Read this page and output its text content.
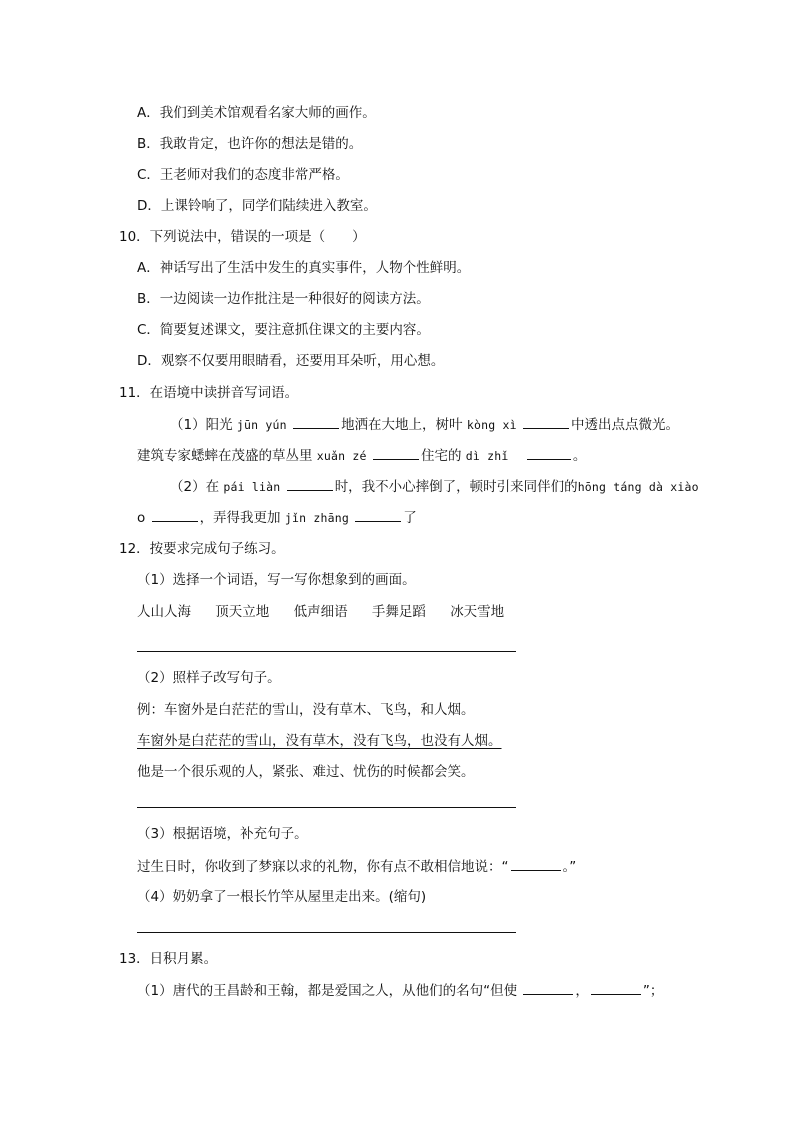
A．我们到美术馆观看名家大师的画作。
B．我敢肯定，也许你的想法是错的。
C．王老师对我们的态度非常严格。
D．上课铃响了，同学们陆续进入教室。
10．下列说法中，错误的一项是（　　）
A．神话写出了生活中发生的真实事件，人物个性鲜明。
B．一边阅读一边作批注是一种很好的阅读方法。
C．简要复述课文，要注意抓住课文的主要内容。
D．观察不仅要用眼睛看，还要用耳朵听，用心想。
11．在语境中读拼音写词语。
（1）阳光 jūn yún	地洒在大地上，树叶 kòng xì	中透出点点微光。
建筑专家蟋蟀在茂盛的草丛里 xuǎn zé	住宅的 dì zhǐ	。
（2）在 pái liàn	时，我不小心摔倒了，顿时引来同伴们的hōng táng dà xiào
o	，弄得我更加 jǐn zhāng	了
12．按要求完成句子练习。
（1）选择一个词语，写一写你想象到的画面。
人山人海 顶天立地 低声细语 手舞足蹈 冰天雪地
（2）照样子改写句子。
例：车窗外是白茫茫的雪山，没有草木、飞鸟，和人烟。
车窗外是白茫茫的雪山，没有草木，没有飞鸟，也没有人烟。
他是一个很乐观的人，紧张、难过、忧伤的时候都会笑。
（3）根据语境，补充句子。
过生日时，你收到了梦寐以求的礼物，你有点不敢相信地说：“	。”
（4）奶奶拿了一根长竹竿从屋里走出来。(缩句)
13．日积月累。
（1）唐代的王昌龄和王翰，都是爱国之人，从他们的名句“但使	，	”；
